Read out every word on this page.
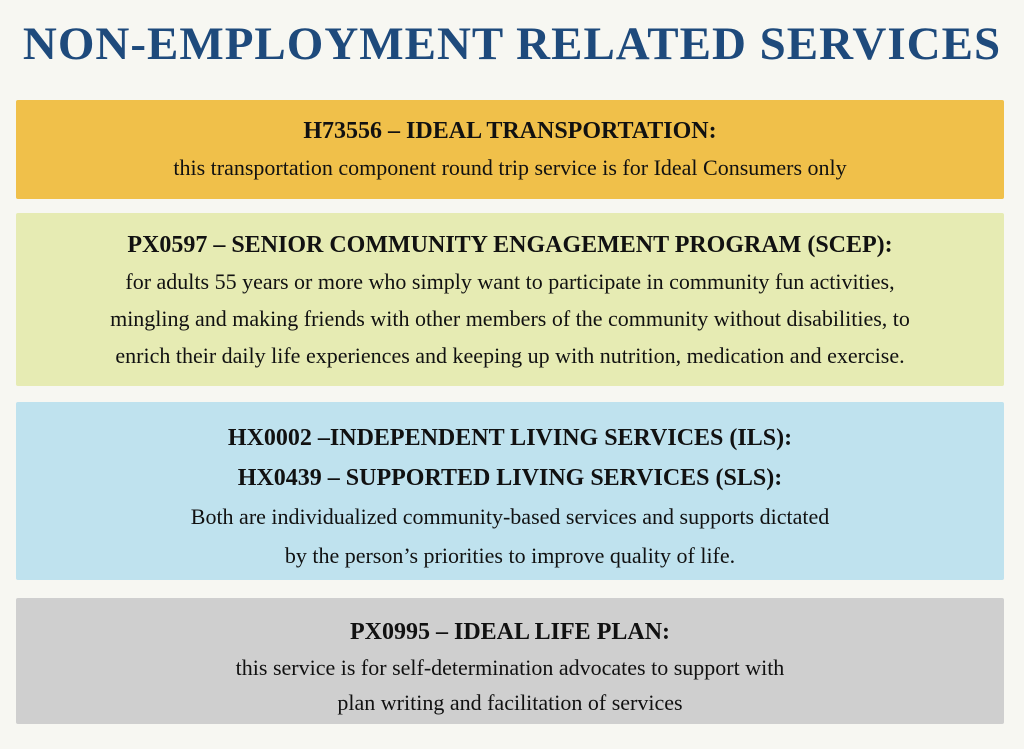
NON-EMPLOYMENT RELATED SERVICES
H73556 – IDEAL TRANSPORTATION:
this transportation component round trip service is for Ideal Consumers only
PX0597 – SENIOR COMMUNITY ENGAGEMENT PROGRAM (SCEP):
for adults 55 years or more who simply want to participate in community fun activities,
mingling and making friends with other members of the community without disabilities, to
enrich their daily life experiences and keeping up with nutrition, medication and exercise.
HX0002 –INDEPENDENT LIVING SERVICES (ILS):
HX0439 – SUPPORTED LIVING SERVICES (SLS):
Both are individualized community-based services and supports dictated
by the person’s priorities to improve quality of life.
PX0995 – IDEAL LIFE PLAN:
this service is for self-determination advocates to support with
plan writing and facilitation of services
